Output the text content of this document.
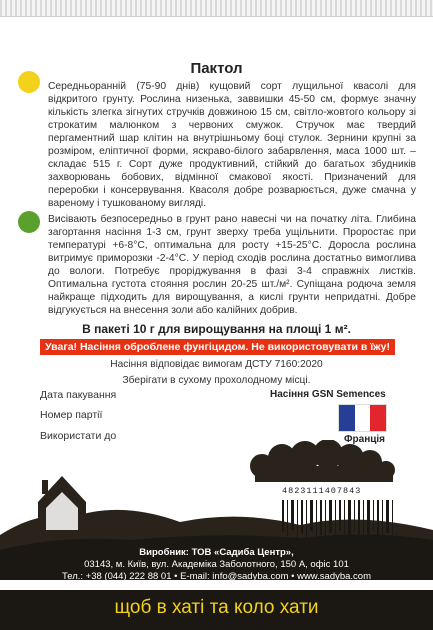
Пактол

Середньоранній (75-90 днів) кущовий сорт лущильної квасолі для відкритого грунту. Рослина низенька, заввишки 45-50 см, формує значну кількість злегка зігнутих стручків довжиною 15 см, світло-жовтого кольору зі строкатим малюнком з червоних смужок. Стручок має твердий пергаментний шар клітин на внутрішньому боці стулок. Зернини крупні за розміром, еліптичної форми, яскраво-білого забарвлення, маса 1000 шт. – складає 515 г. Сорт дуже продуктивний, стійкий до багатьох збудників захворювань бобових, відмінної смакової якості. Призначений для переробки і консервування. Квасоля добре розварюється, дуже смачна у вареному і тушкованому вигляді.

Висівають безпосередньо в грунт рано навесні чи на початку літа. Глибина загортання насіння 1-3 см, грунт зверху треба ущільнити. Проростає при температурі +6-8°С, оптимальна для росту +15-25°С. Доросла рослина витримує приморозки -2-4°С. У період сходів рослина достатньо вимоглива до вологи. Потребує проріджування в фазі 3-4 справжніх листків. Оптимальна густота стояння рослин 20-25 шт./м². Супіщана родюча земля найкраще підходить для вирощування, а кислі грунти непридатні. Добре відгукується на внесення золи або калійних добрив.

В пакеті 10 г для вирощування на площі 1 м².
Увага! Насіння оброблене фунгіцидом. Не використовувати в їжу!
Насіння відповідає вимогам ДСТУ 7160:2020
Зберігати в сухому прохолодному місці.
Дата пакування
Номер партії
Використати до
Насіння GSN Semences
Франція
4823111407843
Виробник: ТОВ «Садиба Центр»,
03143, м. Київ, вул. Академіка Заболотного, 150 А, офіс 101
Тел.: +38 (044) 222 88 01 • E-mail: info@sadyba.com • www.sadyba.com
щоб в хаті та коло хати
